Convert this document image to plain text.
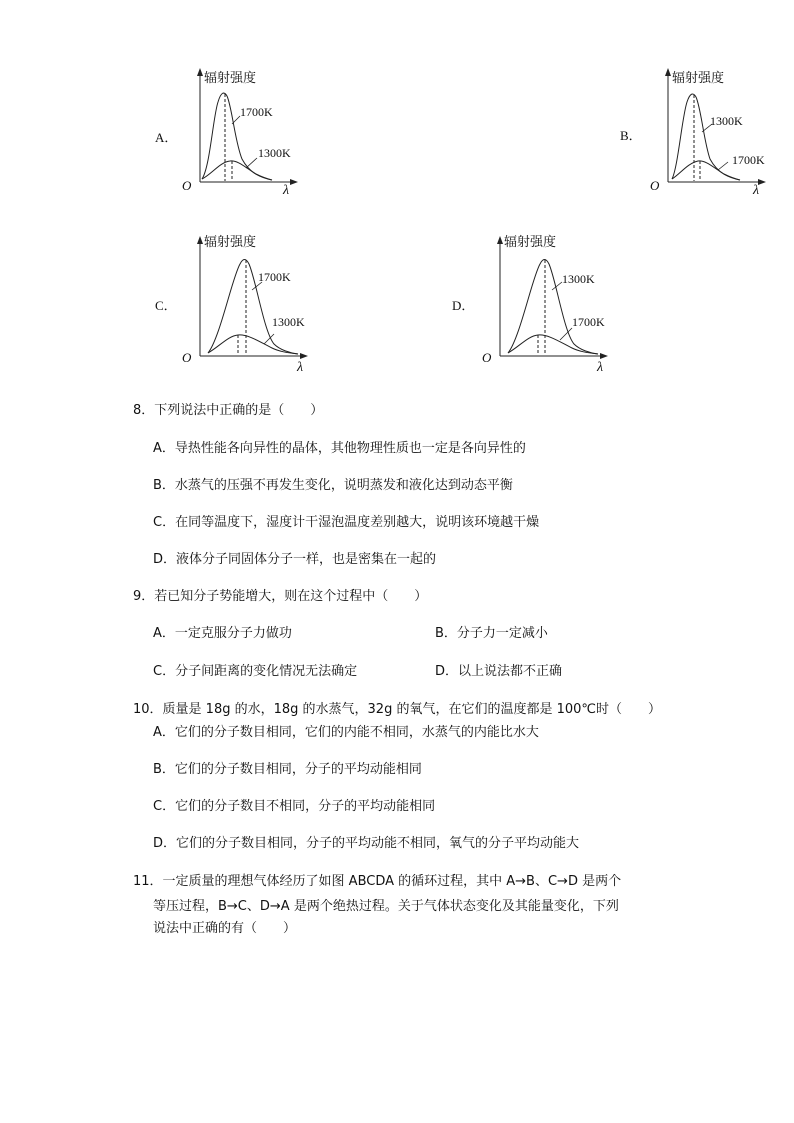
A．	B．
C．	D．
辐射强度
O	λ
1700K
1300K
辐射强度
O	λ
1300K
1700K
辐射强度
O
λ
1700K
1300K
辐射强度
O
λ
1300K
1700K
8．下列说法中正确的是（　　）
A．导热性能各向异性的晶体，其他物理性质也一定是各向异性的
B．水蒸气的压强不再发生变化，说明蒸发和液化达到动态平衡
C．在同等温度下，湿度计干湿泡温度差别越大，说明该环境越干燥
D．液体分子同固体分子一样，也是密集在一起的
9．若已知分子势能增大，则在这个过程中（　　）
A．一定克服分子力做功	B．分子力一定减小
C．分子间距离的变化情况无法确定	D．以上说法都不正确
10．质量是 18g 的水，18g 的水蒸气，32g 的氧气，在它们的温度都是 100℃时（　　）
A．它们的分子数目相同，它们的内能不相同，水蒸气的内能比水大
B．它们的分子数目相同，分子的平均动能相同
C．它们的分子数目不相同，分子的平均动能相同
D．它们的分子数目相同，分子的平均动能不相同，氧气的分子平均动能大
11．一定质量的理想气体经历了如图 ABCDA 的循环过程，其中 A→B、C→D 是两个
等压过程，B→C、D→A 是两个绝热过程。关于气体状态变化及其能量变化，下列
说法中正确的有（　　）
